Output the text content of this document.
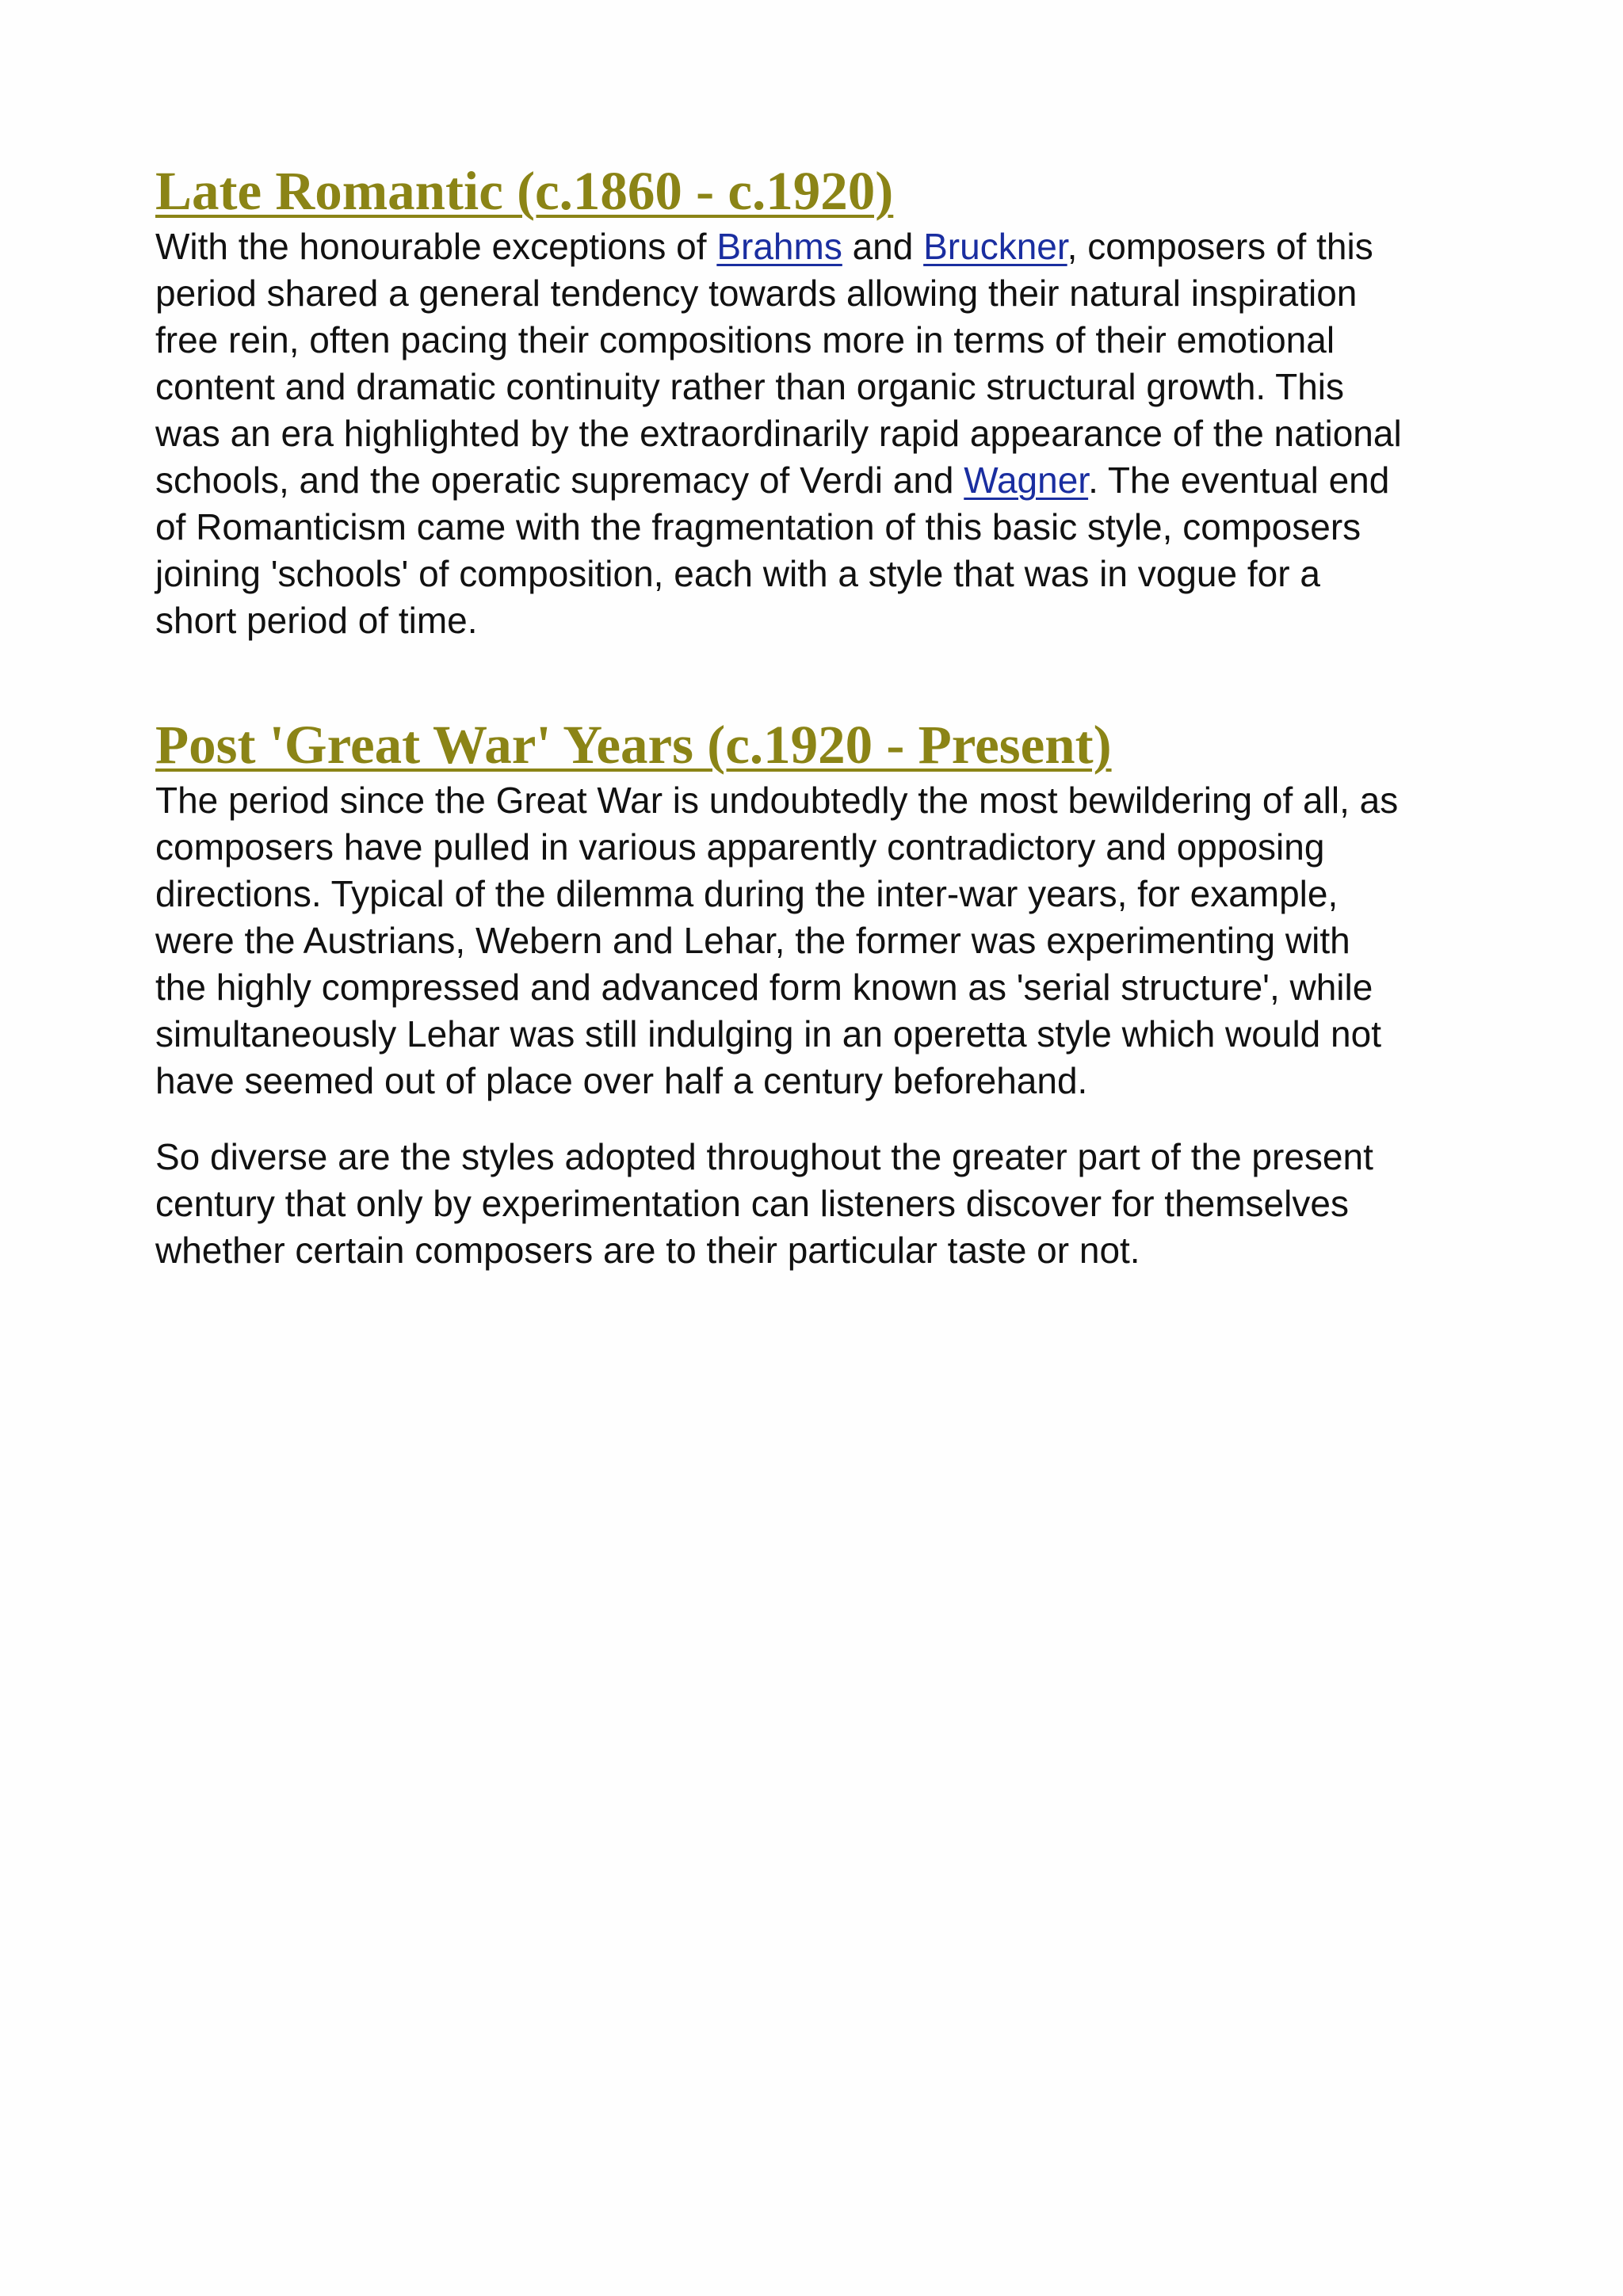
Late Romantic (c.1860 - c.1920)

With the honourable exceptions of Brahms and Bruckner, composers of this
period shared a general tendency towards allowing their natural inspiration
free rein, often pacing their compositions more in terms of their emotional
content and dramatic continuity rather than organic structural growth. This
was an era highlighted by the extraordinarily rapid appearance of the national
schools, and the operatic supremacy of Verdi and Wagner. The eventual end
of Romanticism came with the fragmentation of this basic style, composers
joining 'schools' of composition, each with a style that was in vogue for a
short period of time.

Post 'Great War' Years (c.1920 - Present)

The period since the Great War is undoubtedly the most bewildering of all, as
composers have pulled in various apparently contradictory and opposing
directions. Typical of the dilemma during the inter-war years, for example,
were the Austrians, Webern and Lehar, the former was experimenting with
the highly compressed and advanced form known as 'serial structure', while
simultaneously Lehar was still indulging in an operetta style which would not
have seemed out of place over half a century beforehand.

So diverse are the styles adopted throughout the greater part of the present
century that only by experimentation can listeners discover for themselves
whether certain composers are to their particular taste or not.
